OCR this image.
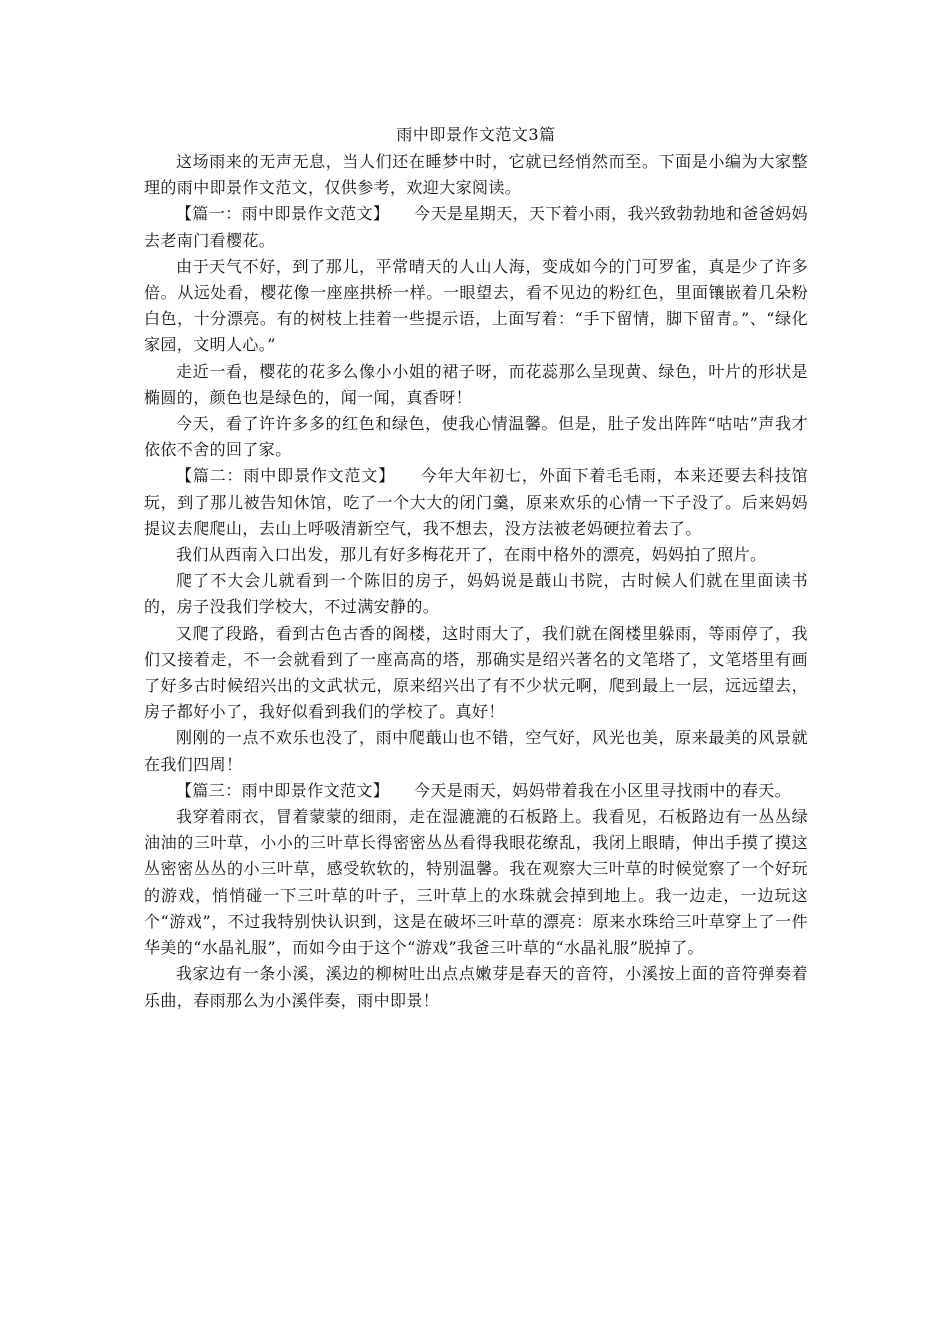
雨中即景作文范文3篇

这场雨来的无声无息，当人们还在睡梦中时，它就已经悄然而至。下面是小编为大家整理的雨中即景作文范文，仅供参考，欢迎大家阅读。

【篇一：雨中即景作文范文】　　今天是星期天，天下着小雨，我兴致勃勃地和爸爸妈妈去老南门看樱花。

由于天气不好，到了那儿，平常晴天的人山人海，变成如今的门可罗雀，真是少了许多倍。从远处看，樱花像一座座拱桥一样。一眼望去，看不见边的粉红色，里面镶嵌着几朵粉白色，十分漂亮。有的树枝上挂着一些提示语，上面写着：“手下留情，脚下留青。”、“绿化家园，文明人心。”

走近一看，樱花的花多么像小小姐的裙子呀，而花蕊那么呈现黄、绿色，叶片的形状是椭圆的，颜色也是绿色的，闻一闻，真香呀！

今天，看了许许多多的红色和绿色，使我心情温馨。但是，肚子发出阵阵“咕咕”声我才依依不舍的回了家。

【篇二：雨中即景作文范文】　　今年大年初七，外面下着毛毛雨，本来还要去科技馆玩，到了那儿被告知休馆，吃了一个大大的闭门羹，原来欢乐的心情一下子没了。后来妈妈提议去爬爬山，去山上呼吸清新空气，我不想去，没方法被老妈硬拉着去了。

我们从西南入口出发，那儿有好多梅花开了，在雨中格外的漂亮，妈妈拍了照片。

爬了不大会儿就看到一个陈旧的房子，妈妈说是蕺山书院，古时候人们就在里面读书的，房子没我们学校大，不过满安静的。

又爬了段路，看到古色古香的阁楼，这时雨大了，我们就在阁楼里躲雨，等雨停了，我们又接着走，不一会就看到了一座高高的塔，那确实是绍兴著名的文笔塔了，文笔塔里有画了好多古时候绍兴出的文武状元，原来绍兴出了有不少状元啊，爬到最上一层，远远望去，房子都好小了，我好似看到我们的学校了。真好！

刚刚的一点不欢乐也没了，雨中爬蕺山也不错，空气好，风光也美，原来最美的风景就在我们四周！

【篇三：雨中即景作文范文】　　今天是雨天，妈妈带着我在小区里寻找雨中的春天。

我穿着雨衣，冒着蒙蒙的细雨，走在湿漉漉的石板路上。我看见，石板路边有一丛丛绿油油的三叶草，小小的三叶草长得密密丛丛看得我眼花缭乱，我闭上眼睛，伸出手摸了摸这丛密密丛丛的小三叶草，感受软软的，特别温馨。我在观察大三叶草的时候觉察了一个好玩的游戏，悄悄碰一下三叶草的叶子，三叶草上的水珠就会掉到地上。我一边走，一边玩这个“游戏”，不过我特别快认识到，这是在破坏三叶草的漂亮：原来水珠给三叶草穿上了一件华美的“水晶礼服”，而如今由于这个“游戏”我爸三叶草的“水晶礼服”脱掉了。

我家边有一条小溪，溪边的柳树吐出点点嫩芽是春天的音符，小溪按上面的音符弹奏着乐曲，春雨那么为小溪伴奏，雨中即景！
